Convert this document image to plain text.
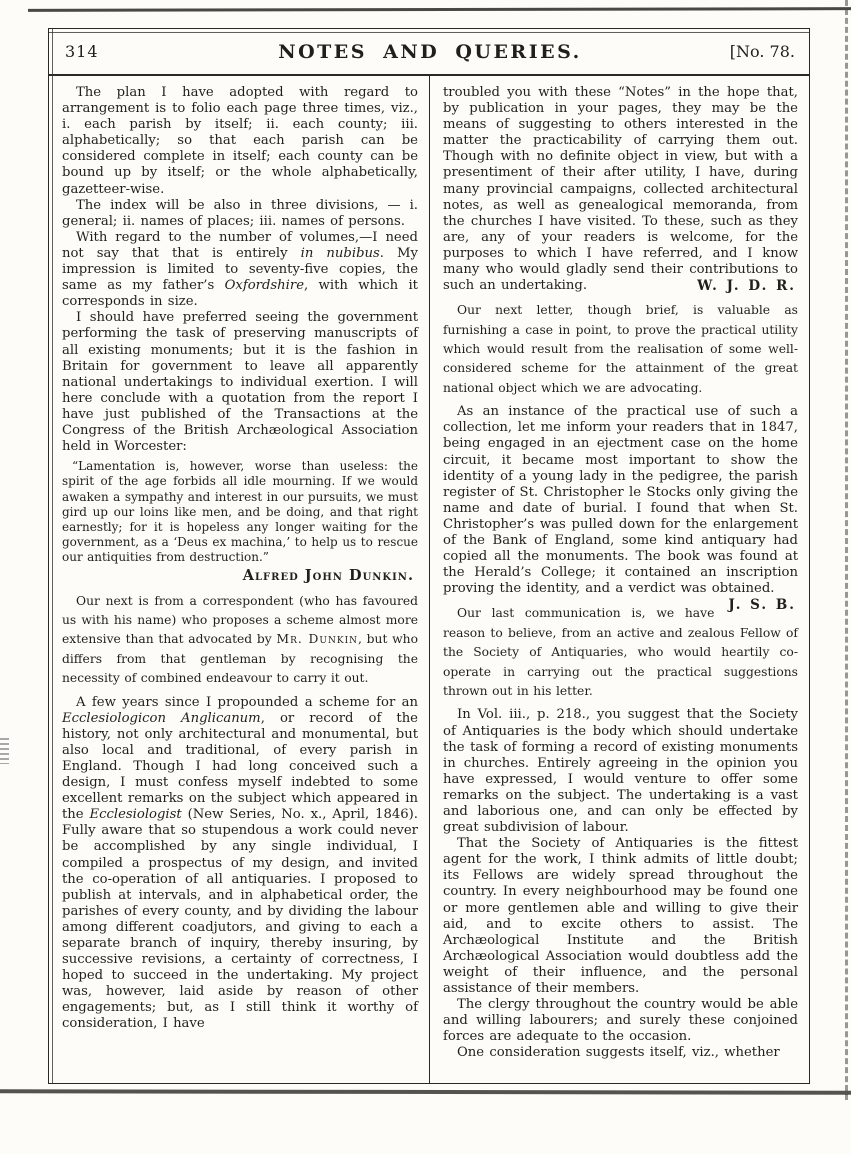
314	NOTES AND QUERIES.	[No. 78.

The plan I have adopted with regard to arrangement is to folio each page three times, viz., i. each parish by itself; ii. each county; iii. alphabetically; so that each parish can be considered complete in itself; each county can be bound up by itself; or the whole alphabetically, gazetteer-wise.

The index will be also in three divisions, — i. general; ii. names of places; iii. names of persons.

With regard to the number of volumes,—I need not say that that is entirely in nubibus. My impression is limited to seventy-five copies, the same as my father’s Oxfordshire, with which it corresponds in size.

I should have preferred seeing the government performing the task of preserving manuscripts of all existing monuments; but it is the fashion in Britain for government to leave all apparently national undertakings to individual exertion. I will here conclude with a quotation from the report I have just published of the Transactions at the Congress of the British Archæological Association held in Worcester:

“Lamentation is, however, worse than useless: the spirit of the age forbids all idle mourning. If we would awaken a sympathy and interest in our pursuits, we must gird up our loins like men, and be doing, and that right earnestly; for it is hopeless any longer waiting for the government, as a ‘Deus ex machina,’ to help us to rescue our antiquities from destruction.”

Alfred John Dunkin.

Our next is from a correspondent (who has favoured us with his name) who proposes a scheme almost more extensive than that advocated by Mr. Dunkin, but who differs from that gentleman by recognising the necessity of combined endeavour to carry it out.

A few years since I propounded a scheme for an Ecclesiologicon Anglicanum, or record of the history, not only architectural and monumental, but also local and traditional, of every parish in England. Though I had long conceived such a design, I must confess myself indebted to some excellent remarks on the subject which appeared in the Ecclesiologist (New Series, No. x., April, 1846). Fully aware that so stupendous a work could never be accomplished by any single individual, I compiled a prospectus of my design, and invited the co-operation of all antiquaries. I proposed to publish at intervals, and in alphabetical order, the parishes of every county, and by dividing the labour among different coadjutors, and giving to each a separate branch of inquiry, thereby insuring, by successive revisions, a certainty of correctness, I hoped to succeed in the undertaking. My project was, however, laid aside by reason of other engagements; but, as I still think it worthy of consideration, I have

troubled you with these “Notes” in the hope that, by publication in your pages, they may be the means of suggesting to others interested in the matter the practicability of carrying them out. Though with no definite object in view, but with a presentiment of their after utility, I have, during many provincial campaigns, collected architectural notes, as well as genealogical memoranda, from the churches I have visited. To these, such as they are, any of your readers is welcome, for the purposes to which I have referred, and I know many who would gladly send their contributions to such an undertaking.	W. J. D. R.

Our next letter, though brief, is valuable as furnishing a case in point, to prove the practical utility which would result from the realisation of some well-considered scheme for the attainment of the great national object which we are advocating.

As an instance of the practical use of such a collection, let me inform your readers that in 1847, being engaged in an ejectment case on the home circuit, it became most important to show the identity of a young lady in the pedigree, the parish register of St. Christopher le Stocks only giving the name and date of burial. I found that when St. Christopher’s was pulled down for the enlargement of the Bank of England, some kind antiquary had copied all the monuments. The book was found at the Herald’s College; it contained an inscription proving the identity, and a verdict was obtained.
J. S. B.

Our last communication is, we have reason to believe, from an active and zealous Fellow of the Society of Antiquaries, who would heartily co-operate in carrying out the practical suggestions thrown out in his letter.

In Vol. iii., p. 218., you suggest that the Society of Antiquaries is the body which should undertake the task of forming a record of existing monuments in churches. Entirely agreeing in the opinion you have expressed, I would venture to offer some remarks on the subject. The undertaking is a vast and laborious one, and can only be effected by great subdivision of labour.

That the Society of Antiquaries is the fittest agent for the work, I think admits of little doubt; its Fellows are widely spread throughout the country. In every neighbourhood may be found one or more gentlemen able and willing to give their aid, and to excite others to assist. The Archæological Institute and the British Archæological Association would doubtless add the weight of their influence, and the personal assistance of their members.

The clergy throughout the country would be able and willing labourers; and surely these conjoined forces are adequate to the occasion.

One consideration suggests itself, viz., whether
